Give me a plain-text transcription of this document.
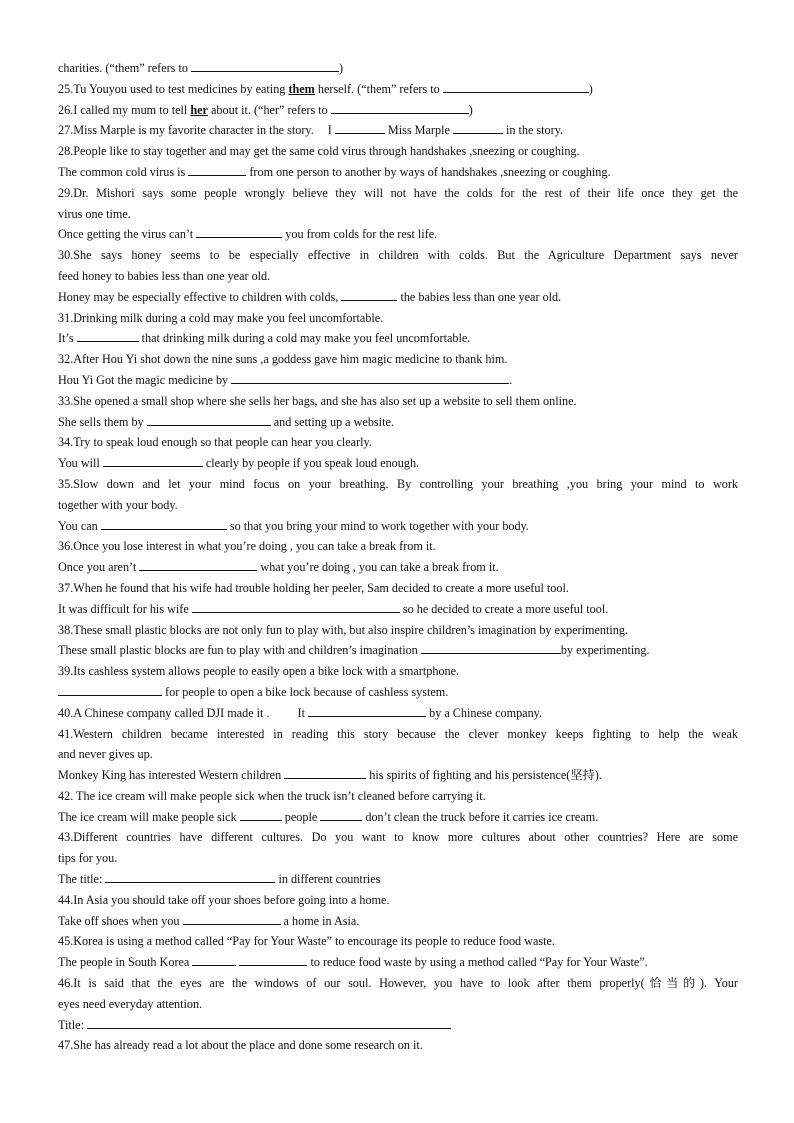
charities. (“them” refers to	)
25.Tu Youyou used to test medicines by eating them herself. (“them” refers to	)
26.I called my mum to tell her about it. (“her” refers to	)
27.Miss Marple is my favorite character in the story. I	Miss Marple	in the story.
28.People like to stay together and may get the same cold virus through handshakes ,sneezing or coughing.
The common cold virus is	from one person to another by ways of handshakes ,sneezing or coughing.
29.Dr. Mishori says some people wrongly believe they will not have the colds for the rest of their life once they get the
virus one time.
Once getting the virus can’t	you from colds for the rest life.
30.She says honey seems to be especially effective in children with colds. But the Agriculture Department says never
feed honey to babies less than one year old.
Honey may be especially effective to children with colds,	the babies less than one year old.
31.Drinking milk during a cold may make you feel uncomfortable.
It’s	that drinking milk during a cold may make you feel uncomfortable.
32.After Hou Yi shot down the nine suns ,a goddess gave him magic medicine to thank him.
Hou Yi Got the magic medicine by	.
33.She opened a small shop where she sells her bags, and she has also set up a website to sell them online.
She sells them by	and setting up a website.
34.Try to speak loud enough so that people can hear you clearly.
You will	clearly by people if you speak loud enough.
35.Slow down and let your mind focus on your breathing. By controlling your breathing ,you bring your mind to work
together with your body.
You can	so that you bring your mind to work together with your body.
36.Once you lose interest in what you’re doing , you can take a break from it.
Once you aren’t	what you’re doing , you can take a break from it.
37.When he found that his wife had trouble holding her peeler, Sam decided to create a more useful tool.
It was difficult for his wife	so he decided to create a more useful tool.
38.These small plastic blocks are not only fun to play with, but also inspire children’s imagination by experimenting.
These small plastic blocks are fun to play with and children’s imagination	by experimenting.
39.Its cashless system allows people to easily open a bike lock with a smartphone.
for people to open a bike lock because of cashless system.
40.A Chinese company called DJI made it . It	by a Chinese company.
41.Western children became interested in reading this story because the clever monkey keeps fighting to help the weak
and never gives up.
Monkey King has interested Western children	his spirits of fighting and his persistence(坚持).
42. The ice cream will make people sick when the truck isn’t cleaned before carrying it.
The ice cream will make people sick	people	don’t clean the truck before it carries ice cream.
43.Different countries have different cultures. Do you want to know more cultures about other countries? Here are some
tips for you.
The title:	in different countries
44.In Asia you should take off your shoes before going into a home.
Take off shoes when you	a home in Asia.
45.Korea is using a method called “Pay for Your Waste” to encourage its people to reduce food waste.
The people in South Korea	to reduce food waste by using a method called “Pay for Your Waste”.
46.It is said that the eyes are the windows of our soul. However, you have to look after them properly(恰当的). Your
eyes need everyday attention.
Title:
47.She has already read a lot about the place and done some research on it.
